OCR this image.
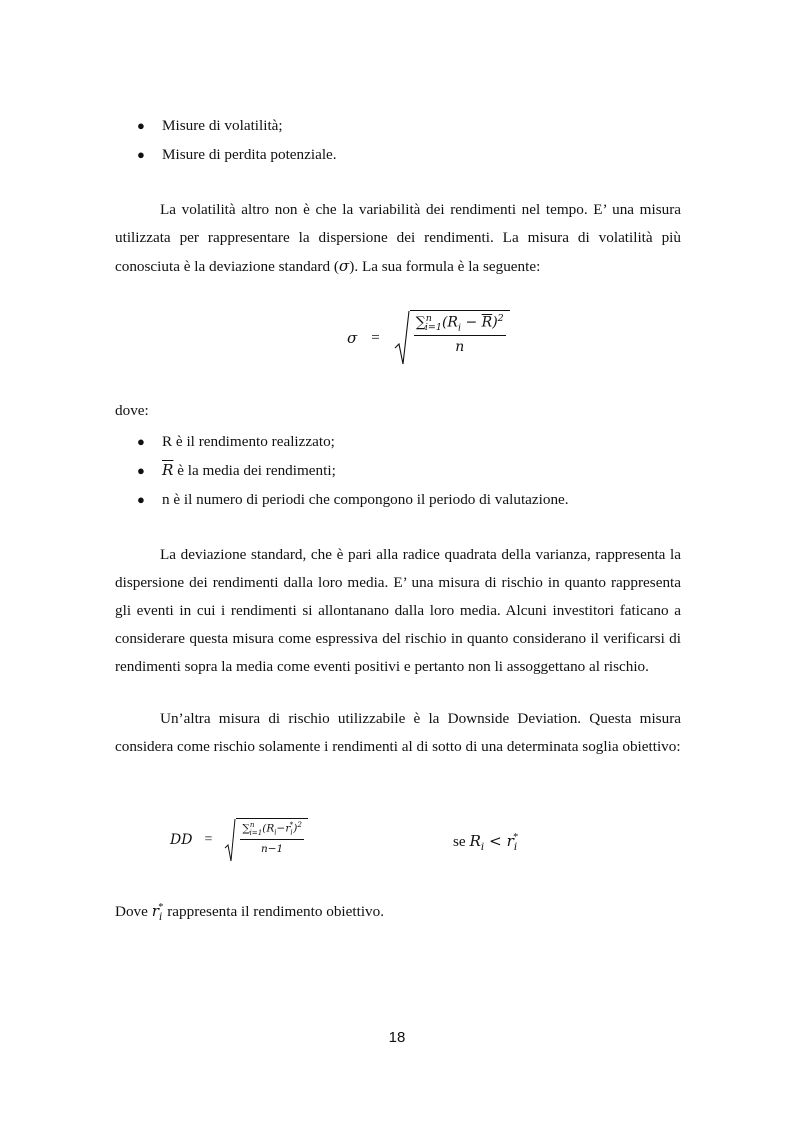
● Misure di volatilità;
● Misure di perdita potenziale.

La volatilità altro non è che la variabilità dei rendimenti nel tempo. E’ una misura utilizzata per rappresentare la dispersione dei rendimenti. La misura di volatilità più conosciuta è la deviazione standard (σ). La sua formula è la seguente:

$\sigma = \frac{\sum^n_{i=1}(R_i - \overline{R})^2}{n}$
dove:
● R è il rendimento realizzato;
● $\overline{R}$ è la media dei rendimenti;
● n è il numero di periodi che compongono il periodo di valutazione.

La deviazione standard, che è pari alla radice quadrata della varianza, rappresenta la dispersione dei rendimenti dalla loro media. E’ una misura di rischio in quanto rappresenta gli eventi in cui i rendimenti si allontanano dalla loro media. Alcuni investitori faticano a considerare questa misura come espressiva del rischio in quanto considerano il verificarsi di rendimenti sopra la media come eventi positivi e pertanto non li assoggettano al rischio.

Un’altra misura di rischio utilizzabile è la Downside Deviation. Questa misura considera come rischio solamente i rendimenti al di sotto di una determinata soglia obiettivo:

DD = $\frac{\sum^n_{i=1}(R_i-r_i^*)^2}{n-1}$	se $R_i < r_i^*$
Dove $r_i^*$ rappresenta il rendimento obiettivo.
18
